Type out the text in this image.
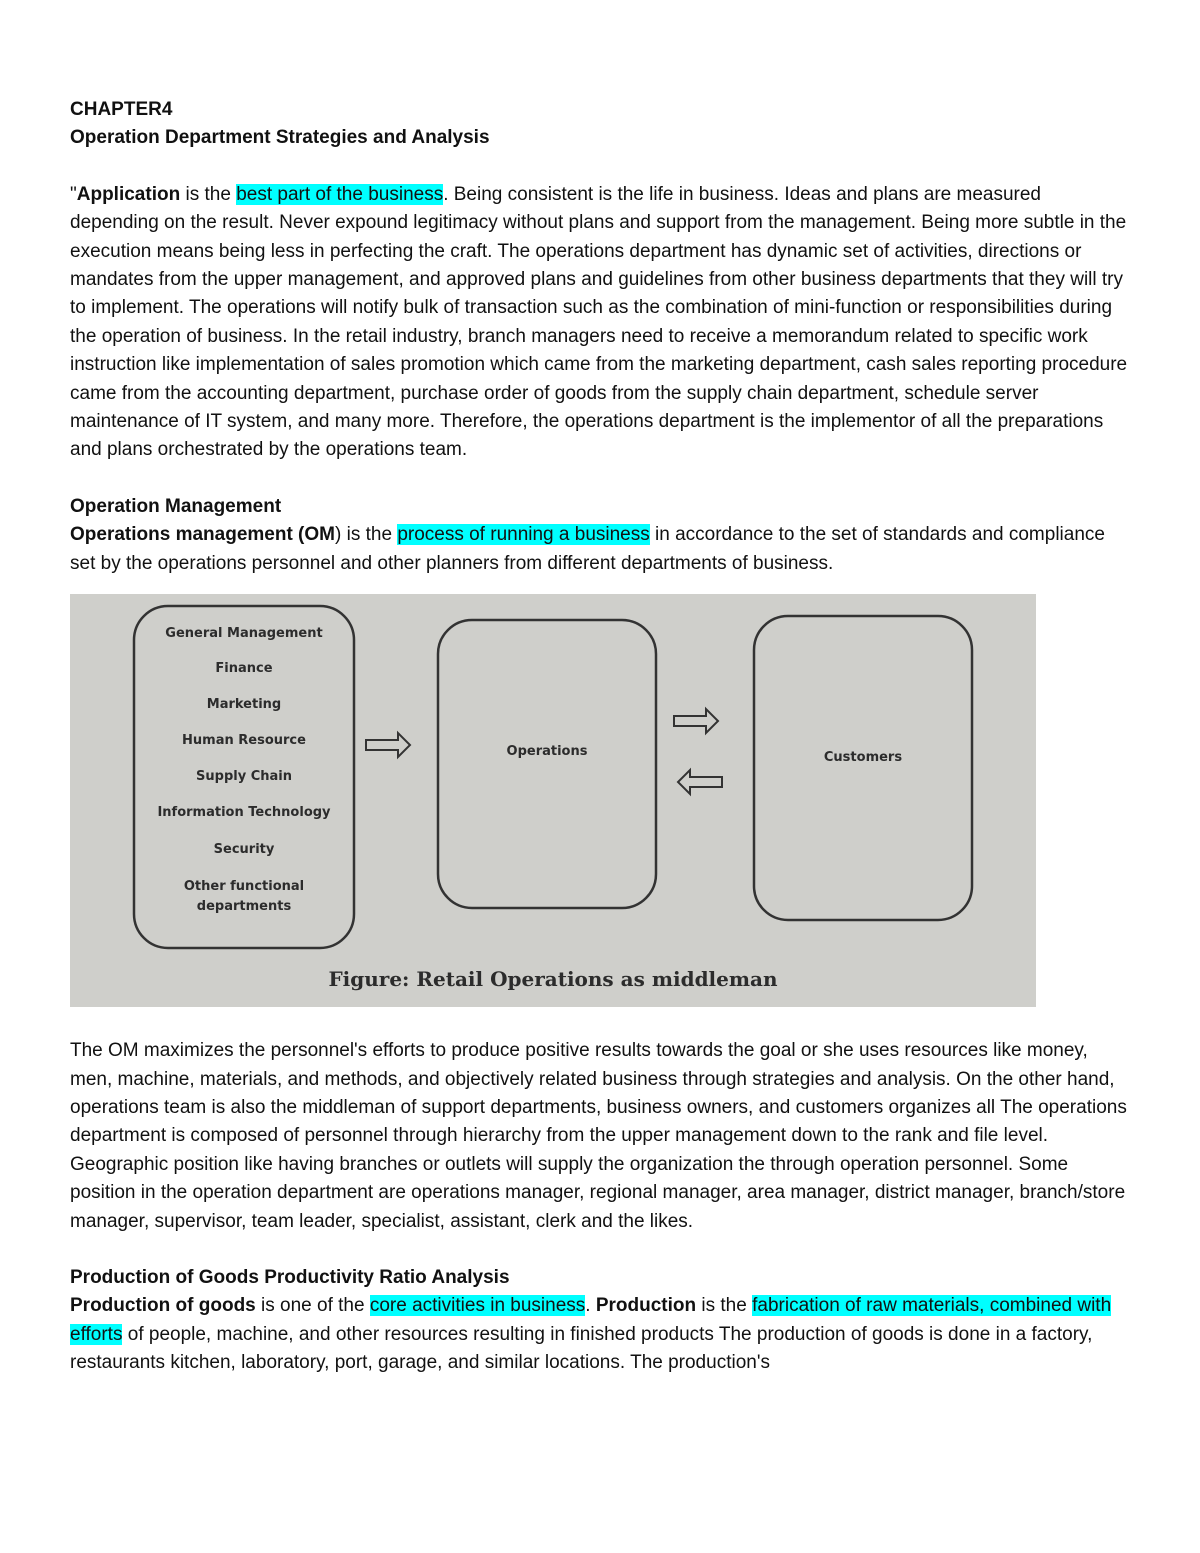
CHAPTER4

Operation Department Strategies and Analysis

"Application is the best part of the business. Being consistent is the life in business. Ideas and plans are measured depending on the result. Never expound legitimacy without plans and support from the management. Being more subtle in the execution means being less in perfecting the craft. The operations department has dynamic set of activities, directions or mandates from the upper management, and approved plans and guidelines from other business departments that they will try to implement. The operations will notify bulk of transaction such as the combination of mini-function or responsibilities during the operation of business. In the retail industry, branch managers need to receive a memorandum related to specific work instruction like implementation of sales promotion which came from the marketing department, cash sales reporting procedure came from the accounting department, purchase order of goods from the supply chain department, schedule server maintenance of IT system, and many more. Therefore, the operations department is the implementor of all the preparations and plans orchestrated by the operations team.

Operation Management

Operations management (OM) is the process of running a business in accordance to the set of standards and compliance set by the operations personnel and other planners from different departments of business.

General Management
Finance
Marketing
Human Resource
Supply Chain
Information Technology
Security
Other functional
departments
Operations	Customers
Figure: Retail Operations as middleman

The OM maximizes the personnel's efforts to produce positive results towards the goal or she uses resources like money, men, machine, materials, and methods, and objectively related business through strategies and analysis. On the other hand, operations team is also the middleman of support departments, business owners, and customers organizes all The operations department is composed of personnel through hierarchy from the upper management down to the rank and file level. Geographic position like having branches or outlets will supply the organization the through operation personnel. Some position in the operation department are operations manager, regional manager, area manager, district manager, branch/store manager, supervisor, team leader, specialist, assistant, clerk and the likes.

Production of Goods Productivity Ratio Analysis

Production of goods is one of the core activities in business. Production is the fabrication of raw materials, combined with efforts of people, machine, and other resources resulting in finished products The production of goods is done in a factory, restaurants kitchen, laboratory, port, garage, and similar locations. The production's
